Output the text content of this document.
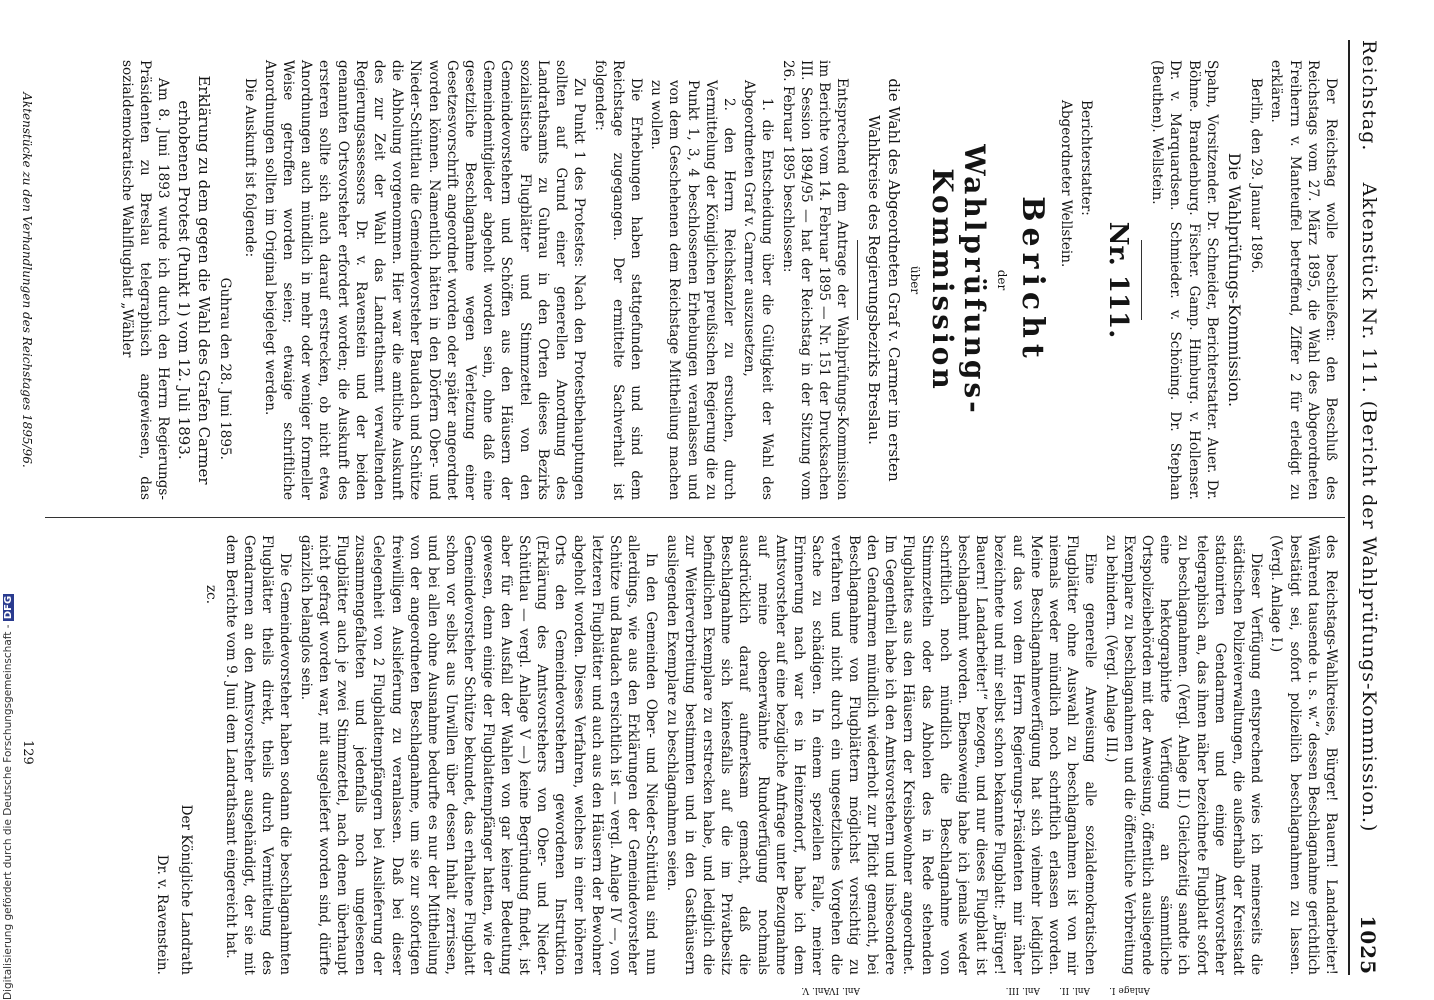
Reichstag.
Aktenstück Nr. 111. (Bericht der Wahlprüfungs-Kommission.)
1025

Der Reichstag wolle beschließen: den Beschluß des Reichstags vom 27. März 1895, die Wahl des Abgeordneten Freiherrn v. Manteuffel betreffend, Ziffer 2 für erledigt zu erklären.

Berlin, den 29. Januar 1896.

Die Wahlprüfungs-Kommission.

Spahn, Vorsitzender. Dr. Schneider, Berichterstatter. Auer. Dr. Böhme. Brandenburg. Fischer. Gamp. Himburg. v. Hollenser. Dr. v. Marquardsen. Schmieder. v. Schöning. Dr. Stephan (Beuthen). Wellstein.

Nr. 111.

Berichterstatter:

Abgeordneter Wellstein.

Bericht

der

Wahlprüfungs-Kommission

über

die Wahl des Abgeordneten Graf v. Carmer im ersten Wahlkreise des Regierungsbezirks Breslau.

Entsprechend dem Antrage der Wahlprüfungs-Kommission im Berichte vom 14. Februar 1895 — Nr. 151 der Drucksachen III. Session 1894/95 — hat der Reichstag in der Sitzung vom 26. Februar 1895 beschlossen:

1. die Entscheidung über die Gültigkeit der Wahl des Abgeordneten Graf v. Carmer auszusetzen,

2. den Herrn Reichskanzler zu ersuchen, durch Vermittelung der Königlichen preußischen Regierung die zu Punkt 1, 3, 4 beschlossenen Erhebungen veranlassen und von dem Geschehenen dem Reichstage Mittheilung machen zu wollen.

Die Erhebungen haben stattgefunden und sind dem Reichstage zugegangen. Der ermittelte Sachverhalt ist folgender:

Zu Punkt 1 des Protestes: Nach den Protestbehauptungen sollten auf Grund einer generellen Anordnung des Landrathsamts zu Guhrau in den Orten dieses Bezirks sozialistische Flugblätter und Stimmzettel von den Gemeindevorstehern und Schöffen aus den Häusern der Gemeindemitglieder abgeholt worden sein, ohne daß eine gesetzliche Beschlagnahme wegen Verletzung einer Gesetzesvorschrift angeordnet worden oder später angeordnet worden können. Namentlich hätten in den Dörfern Ober- und Nieder-Schüttlau die Gemeindevorsteher Baudach und Schütze die Abholung vorgenommen. Hier war die amtliche Auskunft des zur Zeit der Wahl das Landrathsamt verwaltenden Regierungsassessors Dr. v. Ravenstein und der beiden genannten Ortsvorsteher erfordert worden; die Auskunft des ersteren sollte sich auch darauf erstrecken, ob nicht etwa Anordnungen auch mündlich in mehr oder weniger formeller Weise getroffen worden seien; etwaige schriftliche Anordnungen sollten im Original beigelegt werden.

Die Auskunft ist folgende:

Guhrau den 28. Juni 1895.

Erklärung zu dem gegen die Wahl des Grafen Carmer erhobenen Protest (Punkt 1) vom 12. Juli 1893.

Am 8. Juni 1893 wurde ich durch den Herrn Regierungs-Präsidenten zu Breslau telegraphisch angewiesen, das sozialdemokratische Wahlflugblatt „Wähler

des Reichstags-Wahlkreises, Bürger! Bauern! Landarbeiter! Während tausende u. s. w.“ dessen Beschlagnahme gerichtlich bestätigt sei, sofort polizeilich beschlagnahmen zu lassen. (Vergl. Anlage I.)

Dieser Verfügung entsprechend wies ich meinerseits die städtischen Polizeiverwaltungen, die außerhalb der Kreisstadt stationirten Gendarmen und einige Amtsvorsteher telegraphisch an, das ihnen näher bezeichnete Flugblatt sofort zu beschlagnahmen. (Vergl. Anlage II.) Gleichzeitig sandte ich eine hektographirte Verfügung an sämmtliche Ortspolizeibehörden mit der Anweisung, öffentlich ausliegende Exemplare zu beschlagnahmen und die öffentliche Verbreitung zu behindern. (Vergl. Anlage III.)

Eine generelle Anweisung alle sozialdemokratischen Flugblätter ohne Auswahl zu beschlagnahmen ist von mir niemals weder mündlich noch schriftlich erlassen worden. Meine Beschlagnahmeverfügung hat sich vielmehr lediglich auf das von dem Herrn Regierungs-Präsidenten mir näher bezeichnete und mir selbst schon bekannte Flugblatt: „Bürger! Bauern! Landarbeiter!“ bezogen, und nur dieses Flugblatt ist beschlagnahmt worden. Ebensowenig habe ich jemals weder schriftlich noch mündlich die Beschlagnahme von Stimmzetteln oder das Abholen des in Rede stehenden Flugblattes aus den Häusern der Kreisbewohner angeordnet. Im Gegentheil habe ich den Amtsvorstehern und insbesondere den Gendarmen mündlich wiederholt zur Pflicht gemacht, bei Beschlagnahme von Flugblättern möglichst vorsichtig zu verfahren und nicht durch ein ungesetzliches Vorgehen die Sache zu schädigen. In einem speziellen Falle, meiner Erinnerung nach war es in Heinzendorf, habe ich dem Amtsvorsteher auf eine bezügliche Anfrage unter Bezugnahme auf meine obenerwähnte Rundverfügung nochmals ausdrücklich darauf aufmerksam gemacht, daß die Beschlagnahme sich keinesfalls auf die im Privatbesitz befindlichen Exemplare zu erstrecken habe, und lediglich die zur Weiterverbreitung bestimmten und in den Gasthäusern ausliegenden Exemplare zu beschlagnahmen seien.

In den Gemeinden Ober- und Nieder-Schüttlau sind nun allerdings, wie aus den Erklärungen der Gemeindevorsteher Schütze und Baudach ersichtlich ist — vergl. Anlage IV —, von letzteren Flugblätter und auch aus den Häusern der Bewohner abgeholt worden. Dieses Verfahren, welches in einer höheren Orts den Gemeindevorstehern gewordenen Instruktion (Erklärung des Amtsvorstehers von Ober- und Nieder-Schüttlau — vergl. Anlage V —) keine Begründung findet, ist aber für den Ausfall der Wahlen von gar keiner Bedeutung gewesen, denn einige der Flugblattempfänger hatten, wie der Gemeindevorsteher Schütze bekundet, das erhaltene Flugblatt schon vor selbst aus Unwillen über dessen Inhalt zerrissen, und bei allen ohne Ausnahme bedurfte es nur der Mittheilung von der angeordneten Beschlagnahme, um sie zur sofortigen freiwilligen Auslieferung zu veranlassen. Daß bei dieser Gelegenheit von 2 Flugblattempfängern bei Auslieferung der zusammengefalteten und jedenfalls noch ungelesenen Flugblätter auch je zwei Stimmzettel, nach denen überhaupt nicht gefragt worden war, mit ausgeliefert worden sind, dürfte gänzlich belanglos sein.

Die Gemeindevorsteher haben sodann die beschlagnahmten Flugblätter theils direkt, theils durch Vermittelung des Gendarmen an den Amtsvorsteher ausgehändigt, der sie mit dem Berichte vom 9. Juni dem Landrathsamt eingereicht hat.

zc.

Der Königliche Landrath

Dr. v. Ravenstein.

Anlage I.
Anl. II.
Anl. III.
Anl. IV.
Anl. V.
Aktenstücke zu den Verhandlungen des Reichstages 1895/96.
129
Digitalisierung gefördert durch die Deutsche Forschungsgemeinschaft - DFG
